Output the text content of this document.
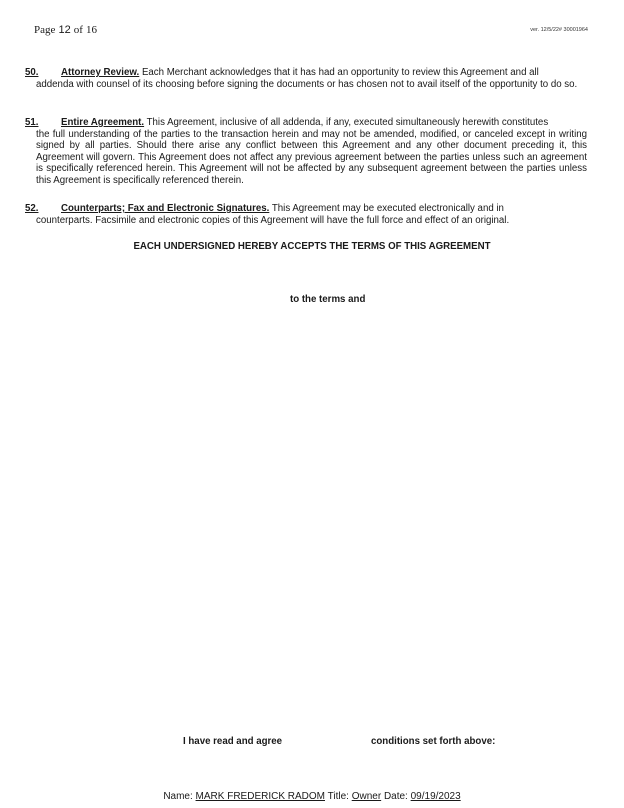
Page 12 of 16	ver. 12/5/22# 30001964
50. Attorney Review. Each Merchant acknowledges that it has had an opportunity to review this Agreement and all
addenda with counsel of its choosing before signing the documents or has chosen not to avail itself of the opportunity to do so.
51. Entire Agreement. This Agreement, inclusive of all addenda, if any, executed simultaneously herewith constitutes
the full understanding of the parties to the transaction herein and may not be amended, modified, or canceled except in writing signed by all parties. Should there arise any conflict between this Agreement and any other document preceding it, this Agreement will govern. This Agreement does not affect any previous agreement between the parties unless such an agreement is specifically referenced herein. This Agreement will not be affected by any subsequent agreement between the parties unless this Agreement is specifically referenced therein.
52. Counterparts; Fax and Electronic Signatures. This Agreement may be executed electronically and in
counterparts. Facsimile and electronic copies of this Agreement will have the full force and effect of an original.
EACH UNDERSIGNED HEREBY ACCEPTS THE TERMS OF THIS AGREEMENT
to the terms and
I have read and agree	conditions set forth above:
Name: MARK FREDERICK RADOM Title: Owner Date: 09/19/2023
